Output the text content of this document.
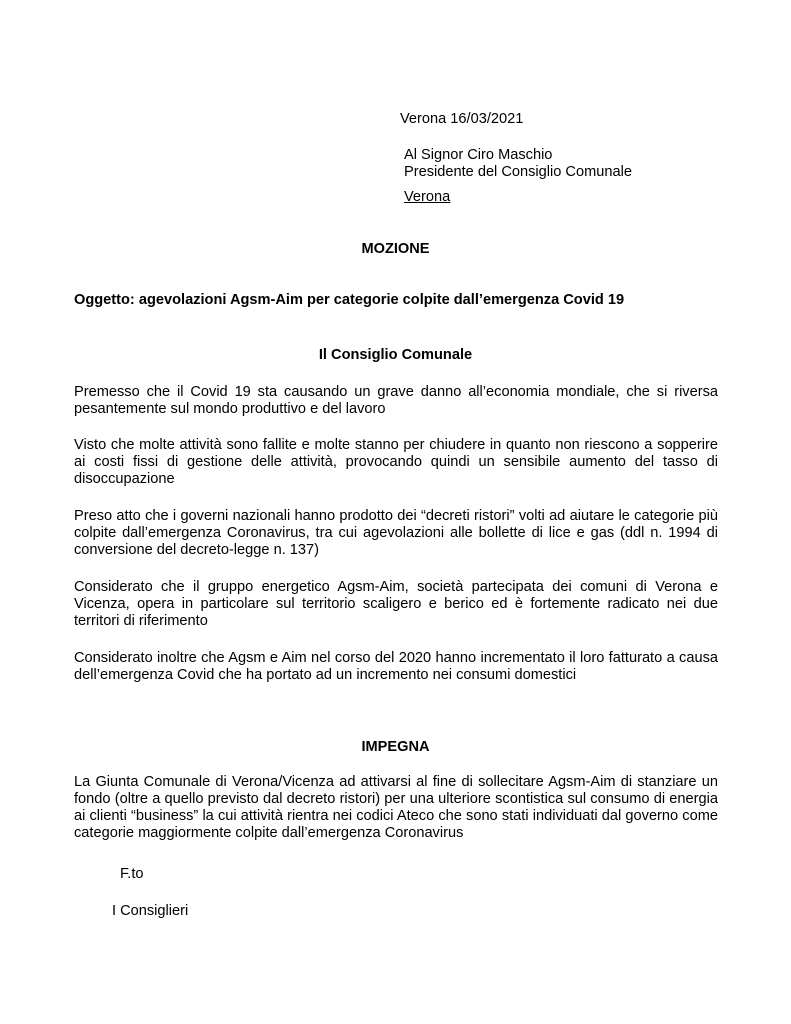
Verona 16/03/2021
Al Signor Ciro Maschio
Presidente del Consiglio Comunale
Verona
MOZIONE
Oggetto: agevolazioni Agsm-Aim per categorie colpite dall’emergenza Covid 19
Il Consiglio Comunale
Premesso che il Covid 19 sta causando un grave danno all’economia mondiale, che si riversa pesantemente sul mondo produttivo e del lavoro
Visto che molte attività sono fallite e molte stanno per chiudere in quanto non riescono a sopperire ai costi fissi di gestione delle attività, provocando quindi un sensibile aumento del tasso di disoccupazione
Preso atto che i governi nazionali hanno prodotto dei “decreti ristori” volti ad aiutare le categorie più colpite dall’emergenza Coronavirus, tra cui agevolazioni alle bollette di lice e gas (ddl n. 1994 di conversione del decreto-legge n. 137)
Considerato che il gruppo energetico Agsm-Aim, società partecipata dei comuni di Verona e Vicenza, opera in particolare sul territorio scaligero e berico ed è fortemente radicato nei due territori di riferimento
Considerato inoltre che Agsm e Aim nel corso del 2020 hanno incrementato il loro fatturato a causa dell’emergenza Covid che ha portato ad un incremento nei consumi domestici
IMPEGNA
La Giunta Comunale di Verona/Vicenza ad attivarsi al fine di sollecitare Agsm-Aim di stanziare un fondo (oltre a quello previsto dal decreto ristori) per una ulteriore scontistica sul consumo di energia ai clienti “business” la cui attività rientra nei codici Ateco che sono stati individuati dal governo come categorie maggiormente colpite dall’emergenza Coronavirus
F.to
I Consiglieri
